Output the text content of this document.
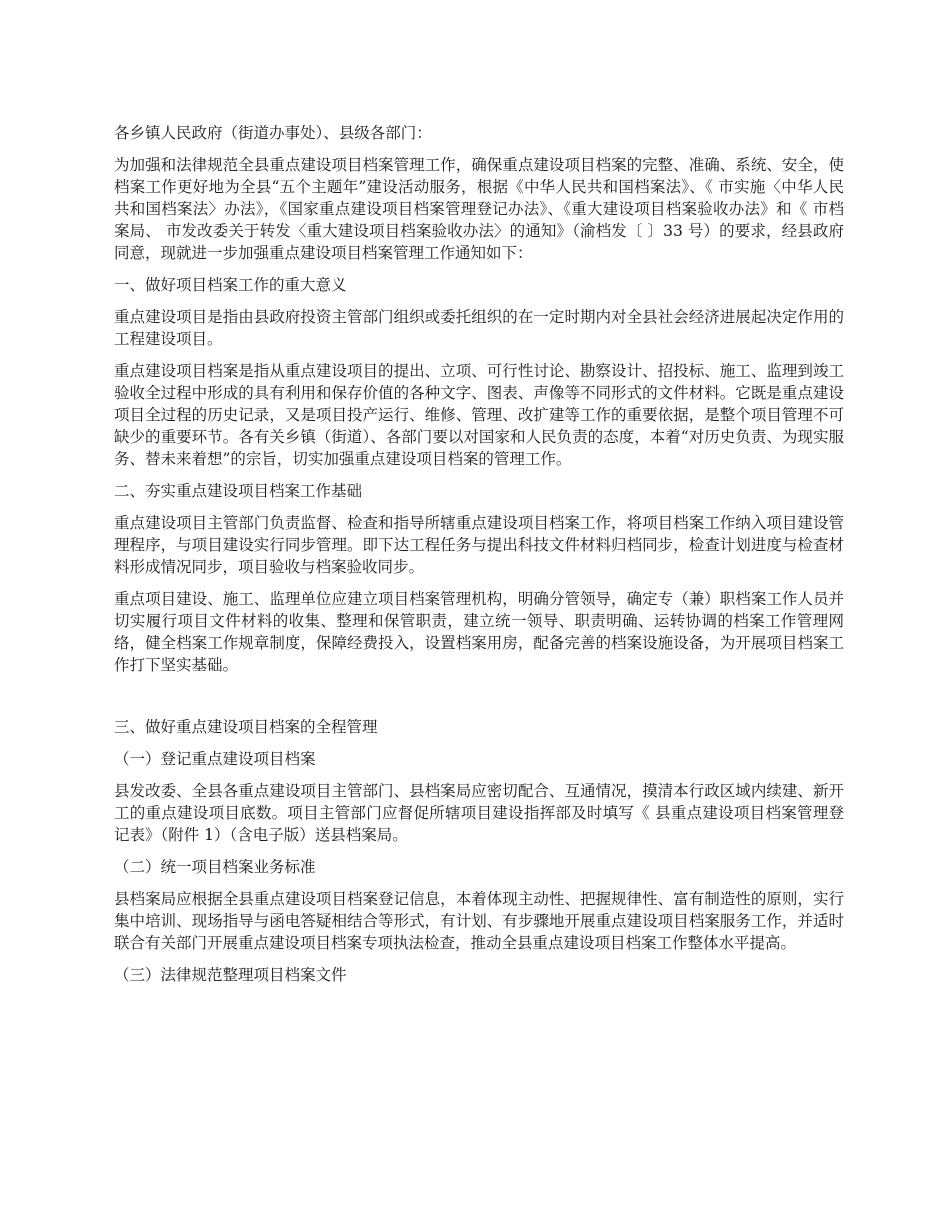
各乡镇人民政府（街道办事处）、县级各部门：

为加强和法律规范全县重点建设项目档案管理工作，确保重点建设项目档案的完整、准确、系统、安全，使档案工作更好地为全县“五个主题年”建设活动服务，根据《中华人民共和国档案法》、《 市实施〈中华人民共和国档案法〉办法》，《国家重点建设项目档案管理登记办法》、《重大建设项目档案验收办法》和《 市档案局、 市发改委关于转发〈重大建设项目档案验收办法〉的通知》（渝档发〔 〕33 号）的要求，经县政府同意，现就进一步加强重点建设项目档案管理工作通知如下：

一、做好项目档案工作的重大意义

重点建设项目是指由县政府投资主管部门组织或委托组织的在一定时期内对全县社会经济进展起决定作用的工程建设项目。

重点建设项目档案是指从重点建设项目的提出、立项、可行性讨论、勘察设计、招投标、施工、监理到竣工验收全过程中形成的具有利用和保存价值的各种文字、图表、声像等不同形式的文件材料。它既是重点建设项目全过程的历史记录，又是项目投产运行、维修、管理、改扩建等工作的重要依据，是整个项目管理不可缺少的重要环节。各有关乡镇（街道）、各部门要以对国家和人民负责的态度，本着“对历史负责、为现实服务、替未来着想”的宗旨，切实加强重点建设项目档案的管理工作。

二、夯实重点建设项目档案工作基础

重点建设项目主管部门负责监督、检查和指导所辖重点建设项目档案工作，将项目档案工作纳入项目建设管理程序，与项目建设实行同步管理。即下达工程任务与提出科技文件材料归档同步，检查计划进度与检查材料形成情况同步，项目验收与档案验收同步。

重点项目建设、施工、监理单位应建立项目档案管理机构，明确分管领导，确定专（兼）职档案工作人员并切实履行项目文件材料的收集、整理和保管职责，建立统一领导、职责明确、运转协调的档案工作管理网络，健全档案工作规章制度，保障经费投入，设置档案用房，配备完善的档案设施设备，为开展项目档案工作打下坚实基础。

三、做好重点建设项目档案的全程管理

（一）登记重点建设项目档案

县发改委、全县各重点建设项目主管部门、县档案局应密切配合、互通情况，摸清本行政区域内续建、新开工的重点建设项目底数。项目主管部门应督促所辖项目建设指挥部及时填写《 县重点建设项目档案管理登记表》（附件 1）（含电子版）送县档案局。

（二）统一项目档案业务标准

县档案局应根据全县重点建设项目档案登记信息，本着体现主动性、把握规律性、富有制造性的原则，实行集中培训、现场指导与函电答疑相结合等形式，有计划、有步骤地开展重点建设项目档案服务工作，并适时联合有关部门开展重点建设项目档案专项执法检查，推动全县重点建设项目档案工作整体水平提高。

（三）法律规范整理项目档案文件
